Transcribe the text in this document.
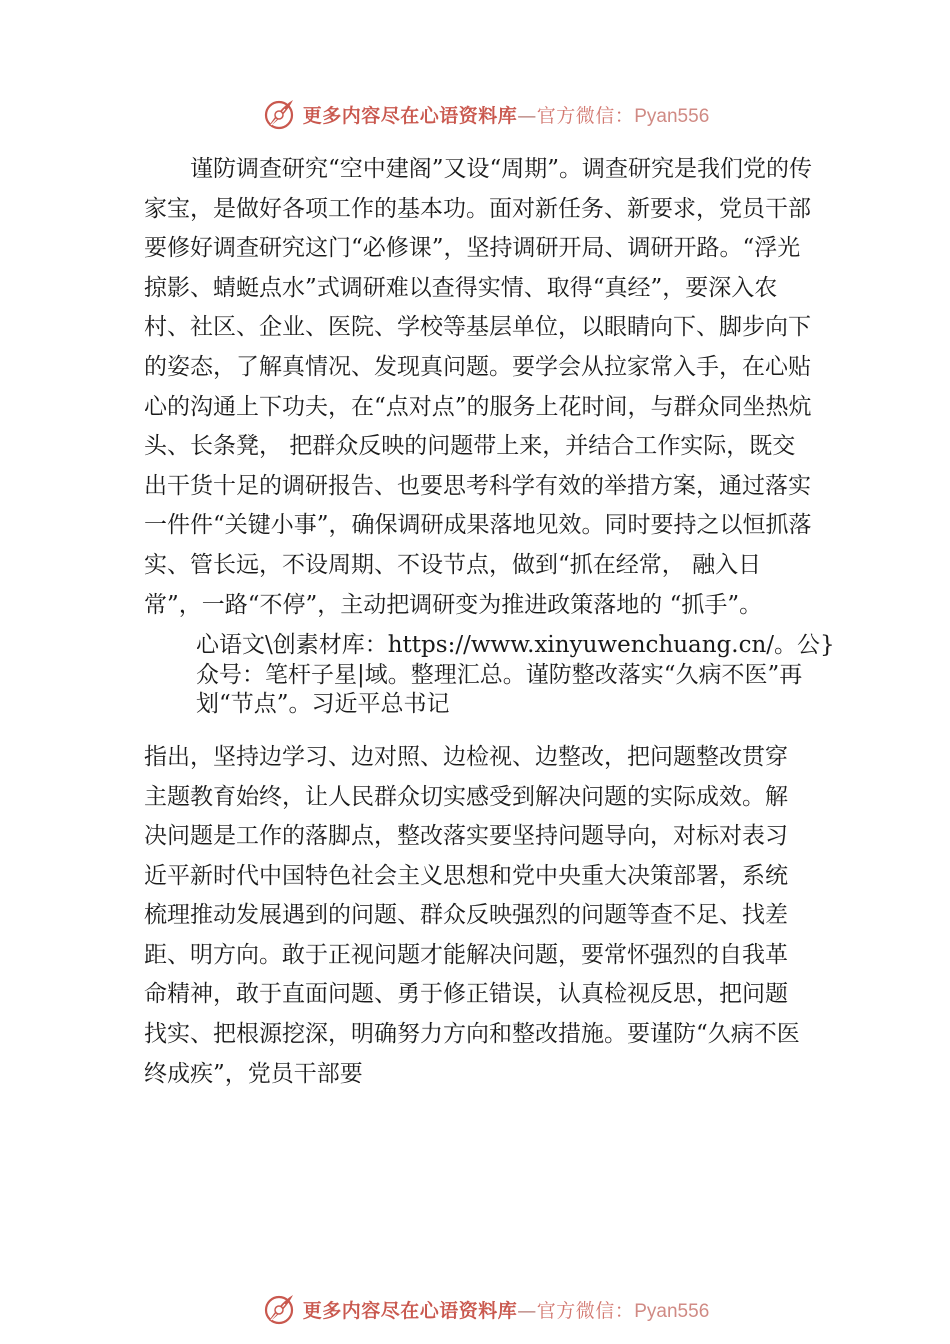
更多内容尽在心语资料库—官方微信：Pyan556

谨防调查研究“空中建阁”又设“周期”。调查研究是我们党的传家宝，是做好各项工作的基本功。面对新任务、新要求，党员干部要修好调查研究这门“必修课”，坚持调研开局、调研开路。“浮光掠影、蜻蜓点水”式调研难以查得实情、取得“真经”，要深入农村、社区、企业、医院、学校等基层单位，以眼睛向下、脚步向下的姿态，了解真情况、发现真问题。要学会从拉家常入手，在心贴心的沟通上下功夫，在“点对点”的服务上花时间，与群众同坐热炕头、长条凳， 把群众反映的问题带上来，并结合工作实际，既交出干货十足的调研报告、也要思考科学有效的举措方案，通过落实一件件“关键小事”，确保调研成果落地见效。同时要持之以恒抓落实、管长远，不设周期、不设节点，做到“抓在经常， 融入日常”，一路“不停”，主动把调研变为推进政策落地的 “抓手”。

心语文\创素材库：https://www.xinyuwenchuang.cn/。公}众号：笔杆子星|域。整理汇总。谨防整改落实“久病不医”再划“节点”。习近平总书记

指出，坚持边学习、边对照、边检视、边整改，把问题整改贯穿主题教育始终，让人民群众切实感受到解决问题的实际成效。解决问题是工作的落脚点，整改落实要坚持问题导向，对标对表习近平新时代中国特色社会主义思想和党中央重大决策部署，系统梳理推动发展遇到的问题、群众反映强烈的问题等查不足、找差距、明方向。敢于正视问题才能解决问题，要常怀强烈的自我革命精神，敢于直面问题、勇于修正错误，认真检视反思，把问题找实、把根源挖深，明确努力方向和整改措施。要谨防“久病不医终成疾”，党员干部要

更多内容尽在心语资料库—官方微信：Pyan556
